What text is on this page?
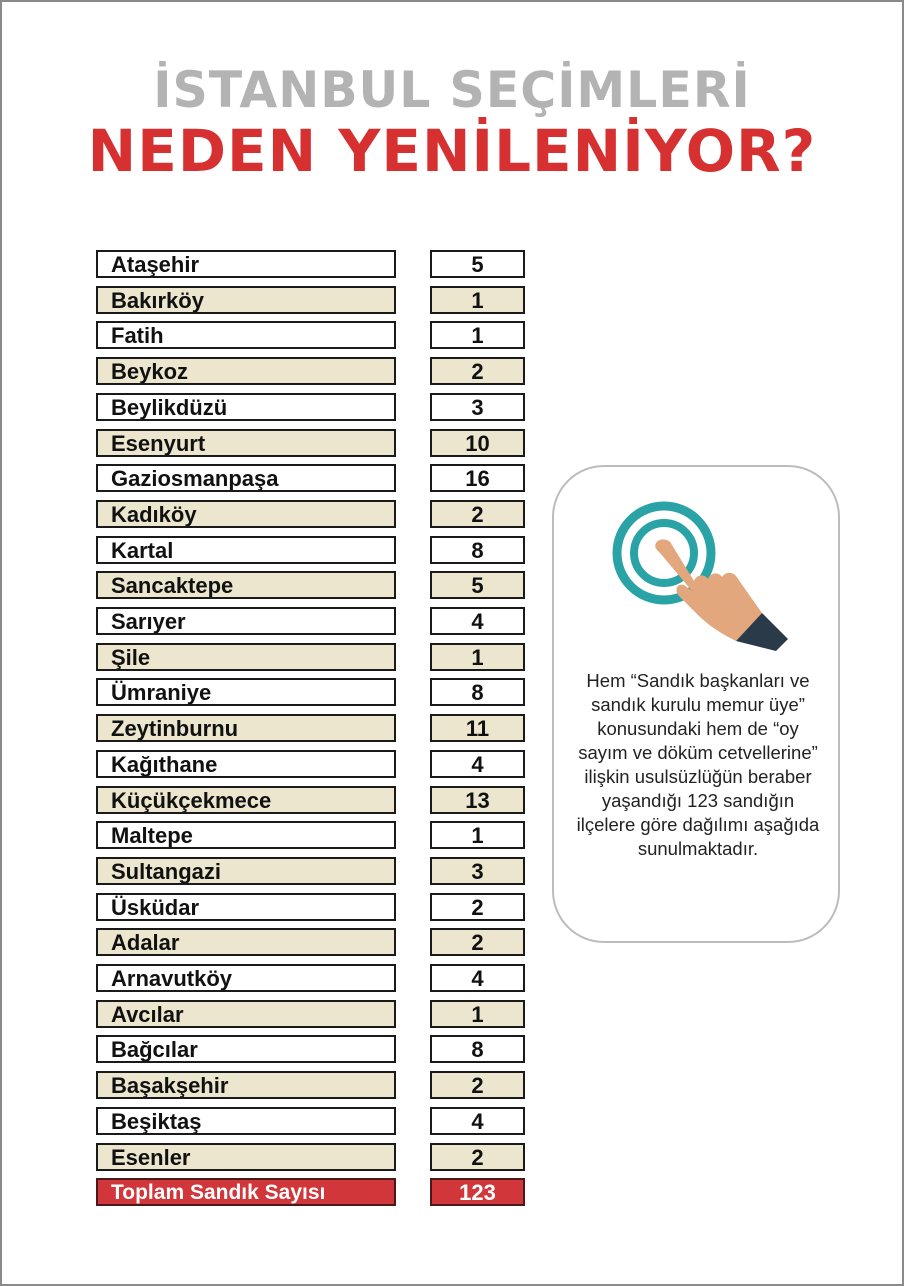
İSTANBUL SEÇİMLERİ
NEDEN YENİLENİYOR?
Ataşehir	5
Bakırköy	1
Fatih	1
Beykoz	2
Beylikdüzü	3
Esenyurt	10
Gaziosmanpaşa	16
Kadıköy	2
Kartal	8
Sancaktepe	5
Sarıyer	4
Şile	1
Ümraniye	8
Zeytinburnu	11
Kağıthane	4
Küçükçekmece	13
Maltepe	1
Sultangazi	3
Üsküdar	2
Adalar	2
Arnavutköy	4
Avcılar	1
Bağcılar	8
Başakşehir	2
Beşiktaş	4
Esenler	2
Toplam Sandık Sayısı	123
Hem “Sandık başkanları ve sandık kurulu memur üye” konusundaki hem de “oy sayım ve döküm cetvellerine” ilişkin usulsüzlüğün beraber yaşandığı 123 sandığın ilçelere göre dağılımı aşağıda sunulmaktadır.
